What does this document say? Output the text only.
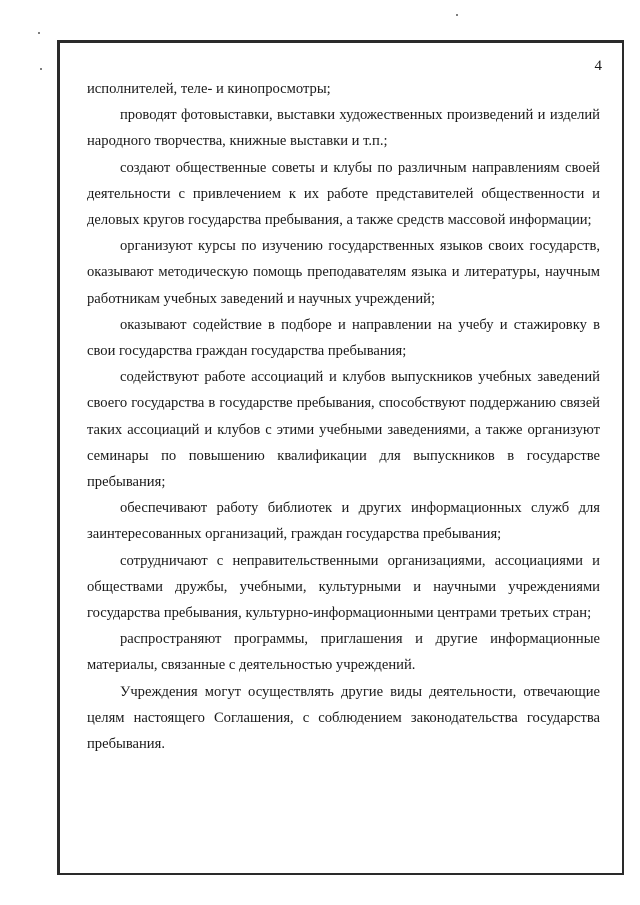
4

исполнителей, теле- и кинопросмотры;

проводят фотовыставки, выставки художественных произведений и изделий народного творчества, книжные выставки и т.п.;

создают общественные советы и клубы по различным направлениям своей деятельности с привлечением к их работе представителей общественности и деловых кругов государства пребывания, а также средств массовой информации;

организуют курсы по изучению государственных языков своих государств, оказывают методическую помощь преподавателям языка и литературы, научным работникам учебных заведений и научных учреждений;

оказывают содействие в подборе и направлении на учебу и стажировку в свои государства граждан государства пребывания;

содействуют работе ассоциаций и клубов выпускников учебных заведений своего государства в государстве пребывания, способствуют поддержанию связей таких ассоциаций и клубов с этими учебными заведениями, а также организуют семинары по повышению квалификации для выпускников в государстве пребывания;

обеспечивают работу библиотек и других информационных служб для заинтересованных организаций, граждан государства пребывания;

сотрудничают с неправительственными организациями, ассоциациями и обществами дружбы, учебными, культурными и научными учреждениями государства пребывания, культурно-информационными центрами третьих стран;

распространяют программы, приглашения и другие информационные материалы, связанные с деятельностью учреждений.

Учреждения могут осуществлять другие виды деятельности, отвечающие целям настоящего Соглашения, с соблюдением законодательства государства пребывания.
